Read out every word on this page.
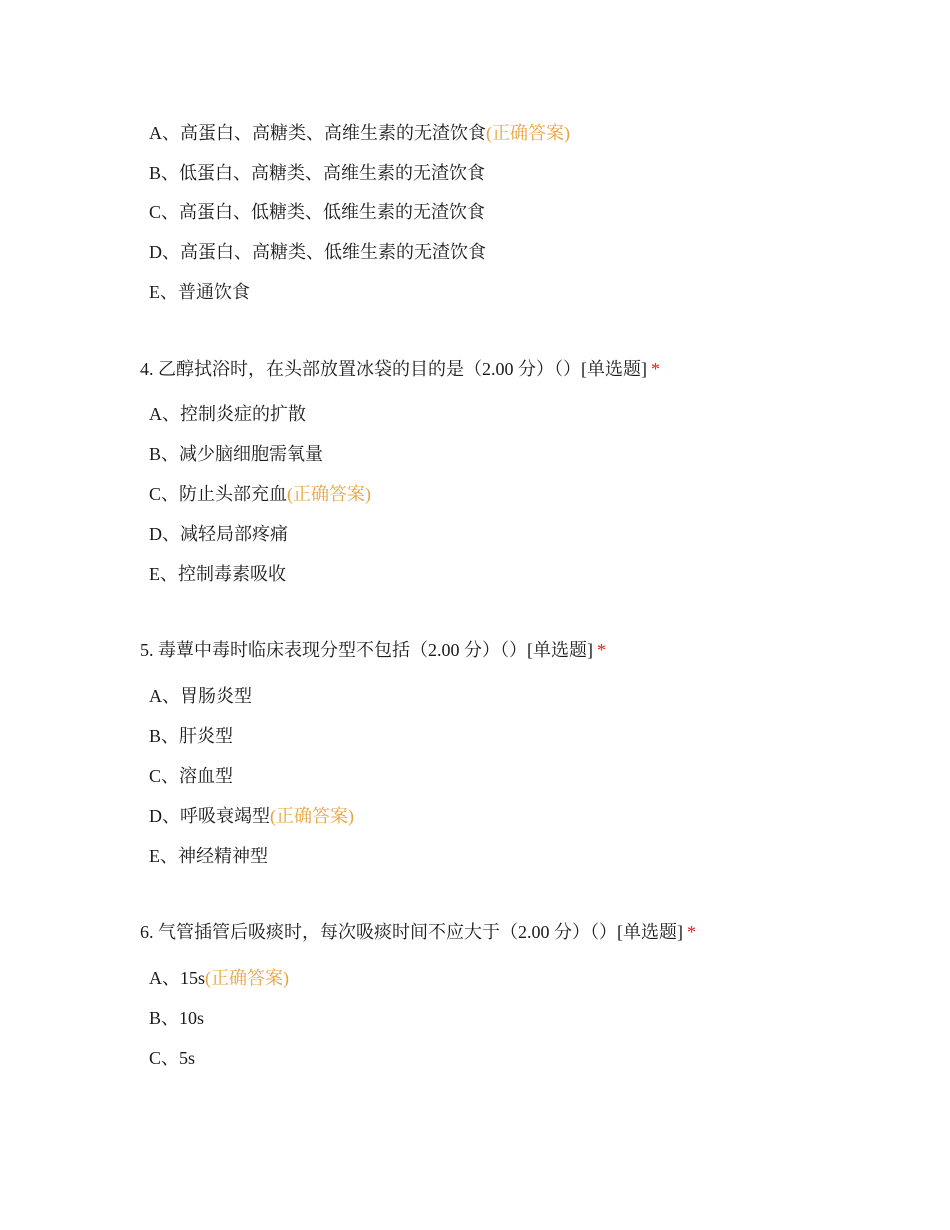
A、高蛋白、高糖类、高维生素的无渣饮食(正确答案)
B、低蛋白、高糖类、高维生素的无渣饮食
C、高蛋白、低糖类、低维生素的无渣饮食
D、高蛋白、高糖类、低维生素的无渣饮食
E、普通饮食
4. 乙醇拭浴时，在头部放置冰袋的目的是（2.00 分）（）[单选题] *
A、控制炎症的扩散
B、减少脑细胞需氧量
C、防止头部充血(正确答案)
D、减轻局部疼痛
E、控制毒素吸收
5. 毒蕈中毒时临床表现分型不包括（2.00 分）（）[单选题] *
A、胃肠炎型
B、肝炎型
C、溶血型
D、呼吸衰竭型(正确答案)
E、神经精神型
6. 气管插管后吸痰时，每次吸痰时间不应大于（2.00 分）（）[单选题] *
A、15s(正确答案)
B、10s
C、5s
